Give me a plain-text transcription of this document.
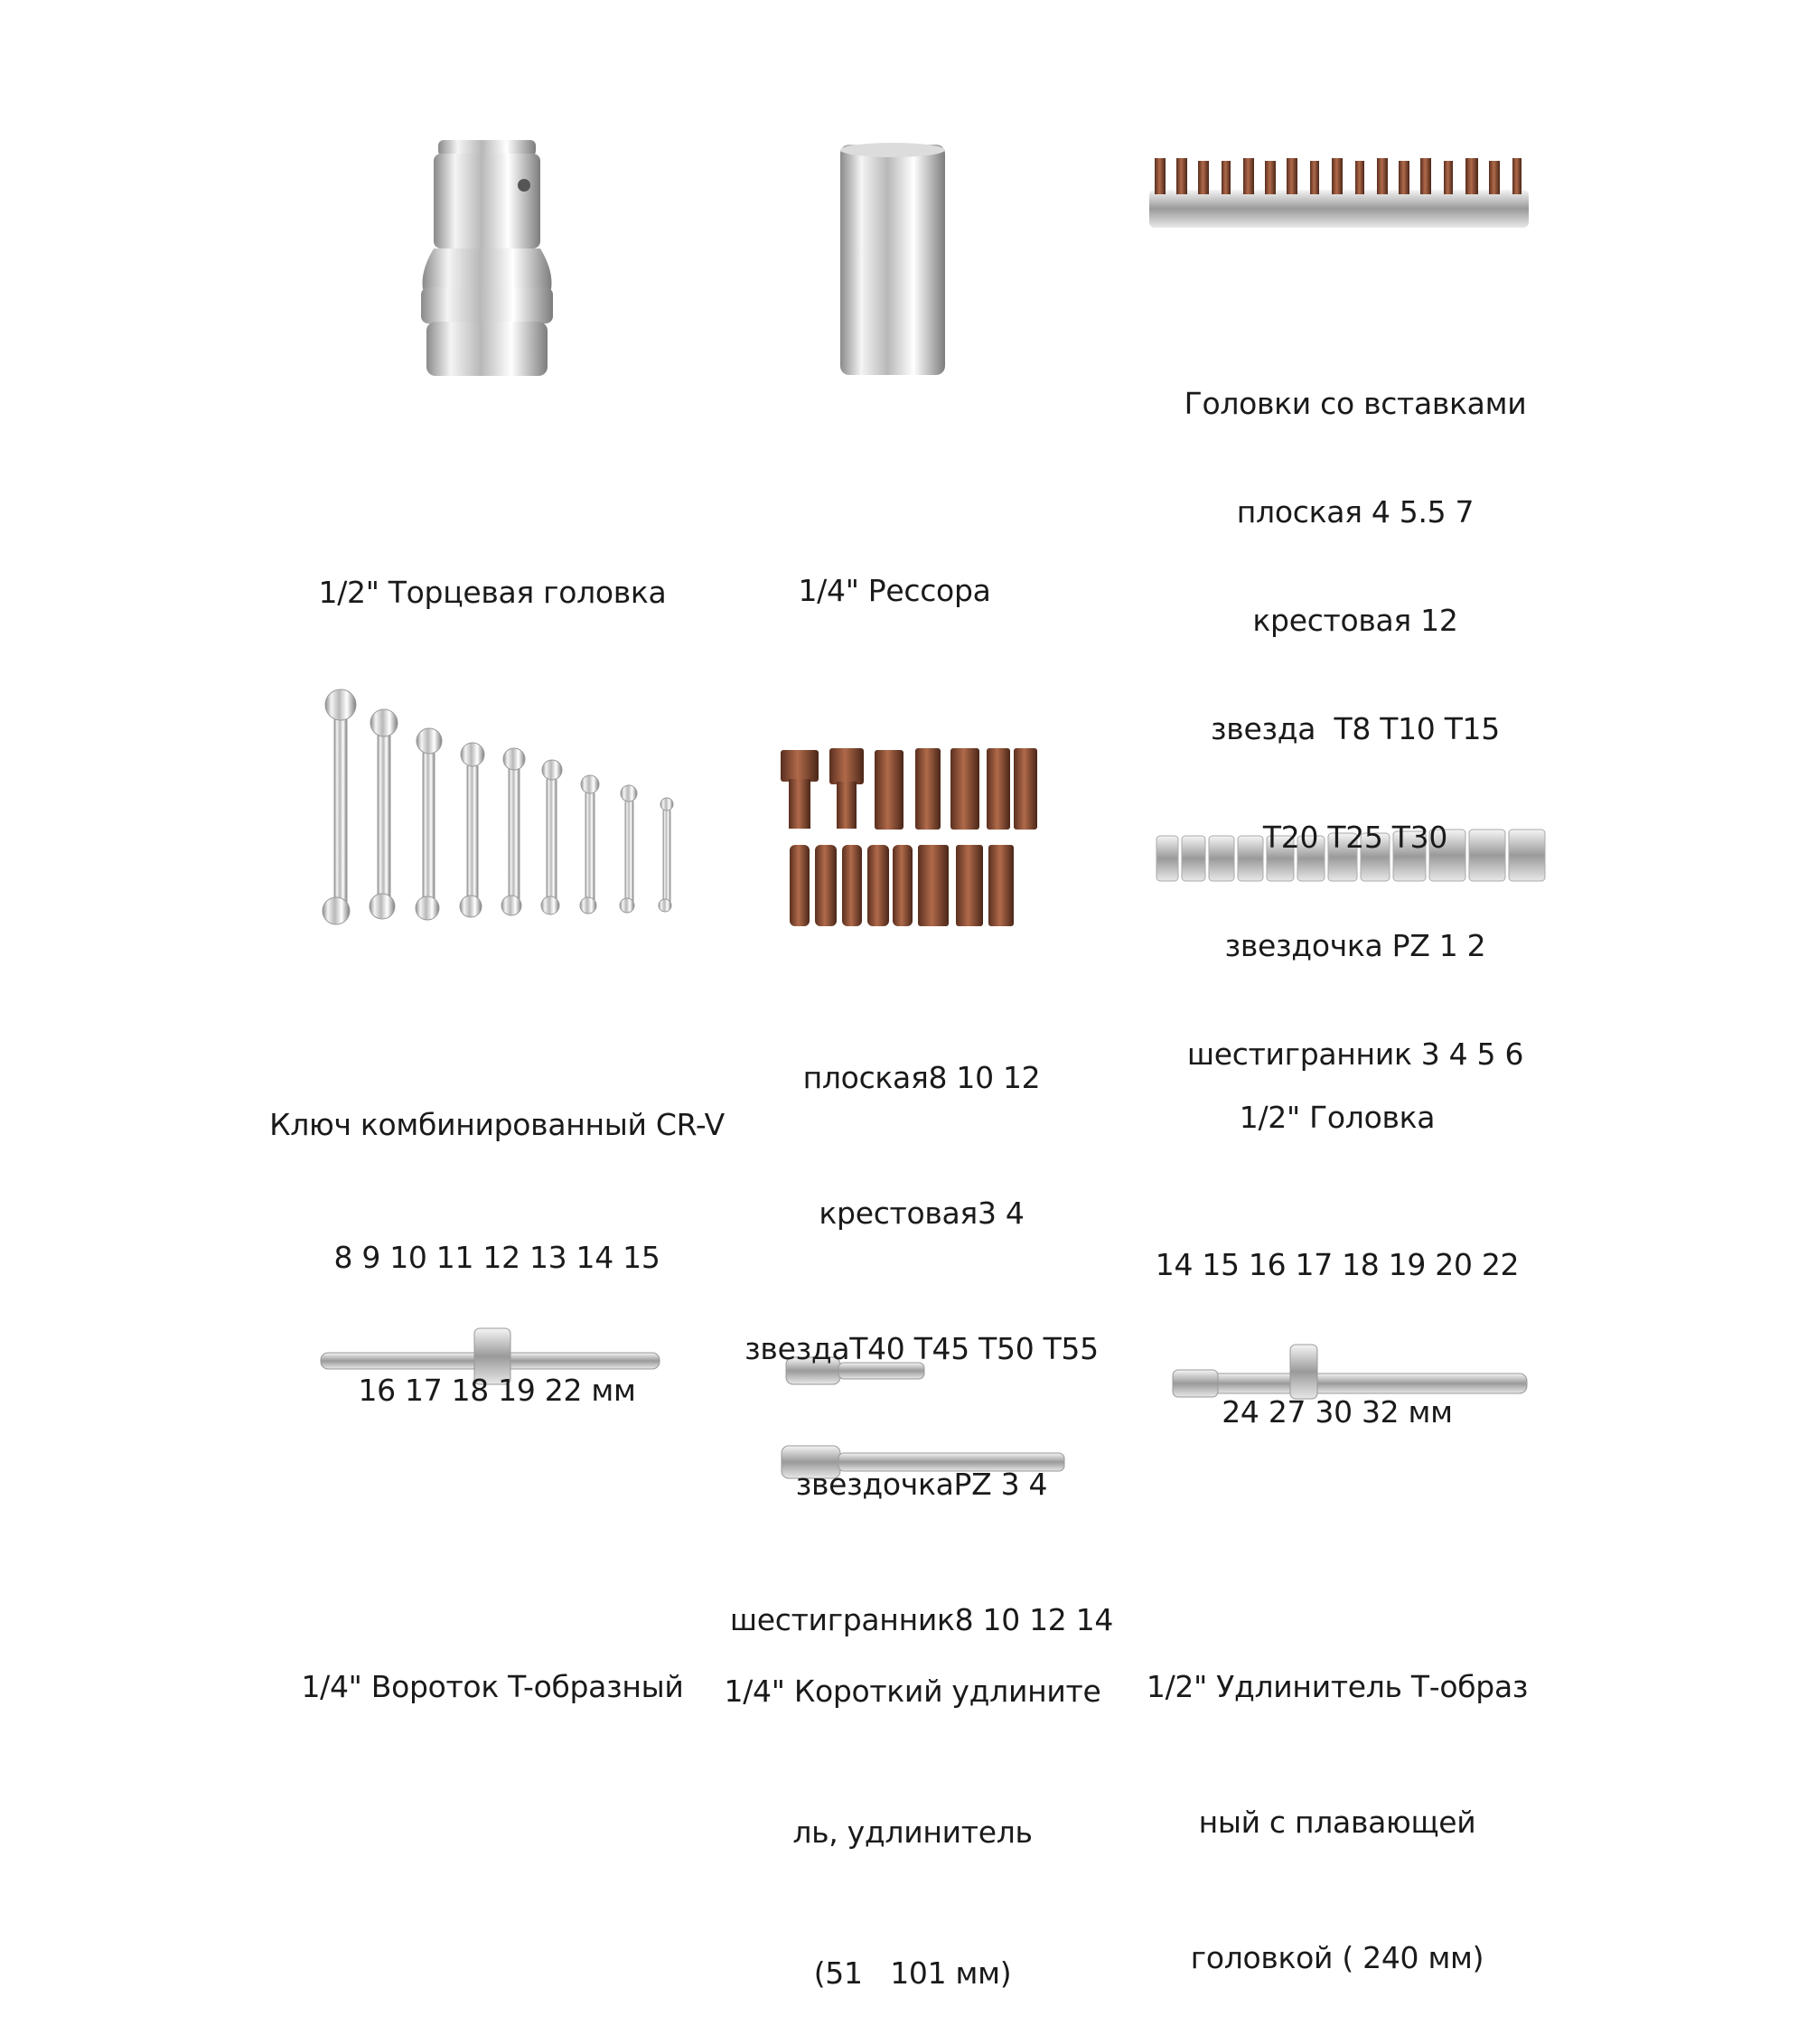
1/2" Торцевая головка

	1/4" Рессора

Головки со вставками

плоская 4 5.5 7

крестовая 12

звезда  T8 T10 T15

T20 T25 T30

звездочка PZ 1 2

шестигранник 3 4 5 6

Ключ комбинированный CR-V

8 9 10 11 12 13 14 15

16 17 18 19 22 мм

плоская8 10 12

крестовая3 4

звездаT40 T45 T50 T55

звездочкаPZ 3 4

шестигранник8 10 12 14

1/2" Головка

14 15 16 17 18 19 20 22

24 27 30 32 мм

1/4" Вороток T-образный

	1/4" Короткий удлините

ль, удлинитель

(51   101 мм)

1/2" Удлинитель Т-образ

ный с плавающей

головкой ( 240 мм)
